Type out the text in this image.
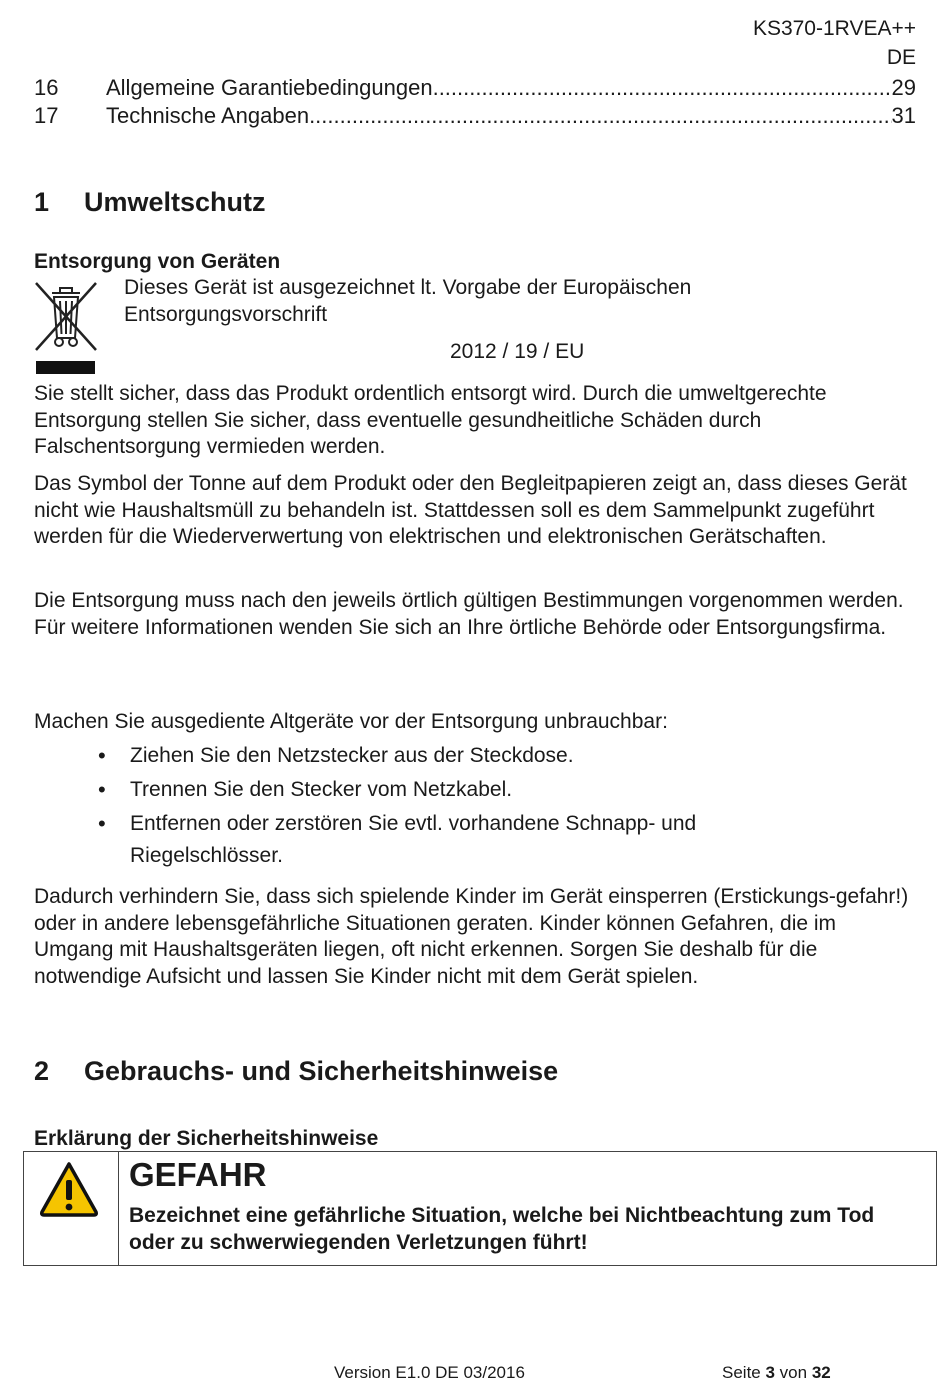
KS370-1RVEA++
DE
16	Allgemeine Garantiebedingungen .....	29
17	Technische Angaben .....	31
1 Umweltschutz
Entsorgung von Geräten

Dieses Gerät ist ausgezeichnet lt. Vorgabe der Europäischen

Entsorgungsvorschrift

2012 / 19 / EU

Sie stellt sicher, dass das Produkt ordentlich entsorgt wird. Durch die umweltgerechte Entsorgung stellen Sie sicher, dass eventuelle gesundheitliche Schäden durch Falschentsorgung vermieden werden.

Das Symbol der Tonne auf dem Produkt oder den Begleitpapieren zeigt an, dass dieses Gerät nicht wie Haushaltsmüll zu behandeln ist. Stattdessen soll es dem Sammelpunkt zugeführt werden für die Wiederverwertung von elektrischen und elektronischen Gerätschaften.

Die Entsorgung muss nach den jeweils örtlich gültigen Bestimmungen vorgenommen werden. Für weitere Informationen wenden Sie sich an Ihre örtliche Behörde oder Entsorgungsfirma.

Machen Sie ausgediente Altgeräte vor der Entsorgung unbrauchbar:

• Ziehen Sie den Netzstecker aus der Steckdose.
• Trennen Sie den Stecker vom Netzkabel.
• Entfernen oder zerstören Sie evtl. vorhandene Schnapp- und Riegelschlösser.

Dadurch verhindern Sie, dass sich spielende Kinder im Gerät einsperren (Erstickungs-gefahr!) oder in andere lebensgefährliche Situationen geraten. Kinder können Gefahren, die im Umgang mit Haushaltsgeräten liegen, oft nicht erkennen. Sorgen Sie deshalb für die notwendige Aufsicht und lassen Sie Kinder nicht mit dem Gerät spielen.

2 Gebrauchs- und Sicherheitshinweise
Erklärung der Sicherheitshinweise
GEFAHR
Bezeichnet eine gefährliche Situation, welche bei Nichtbeachtung zum Tod oder zu schwerwiegenden Verletzungen führt!
Version E1.0 DE 03/2016	Seite 3 von 32
